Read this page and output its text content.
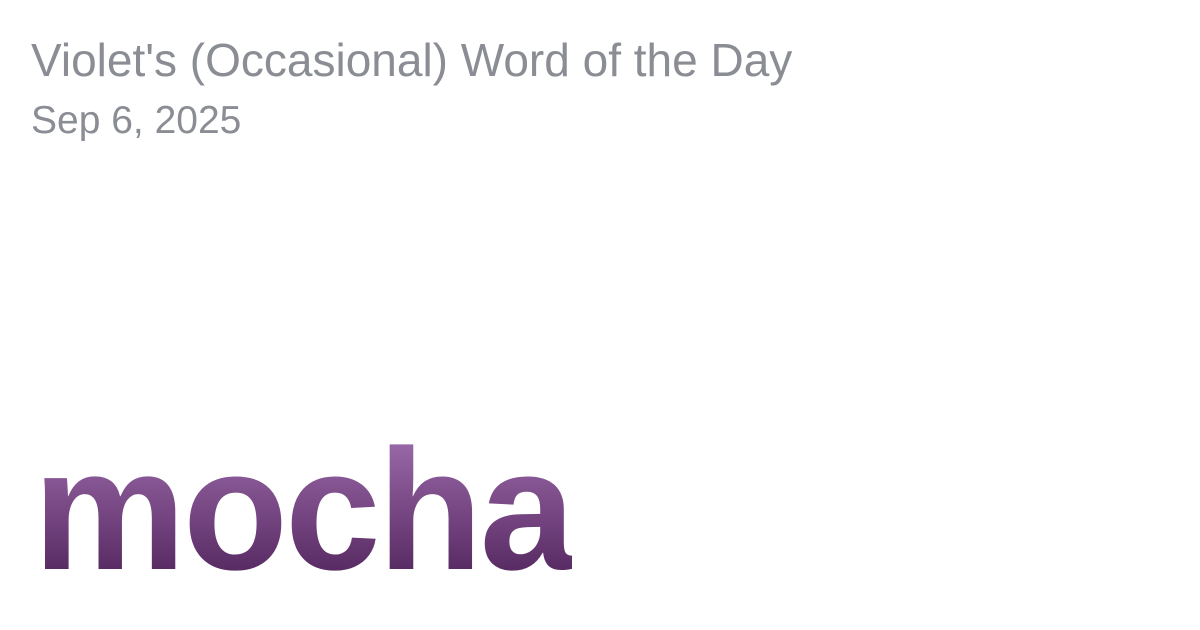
Violet's (Occasional) Word of the Day
Sep 6, 2025
mocha
